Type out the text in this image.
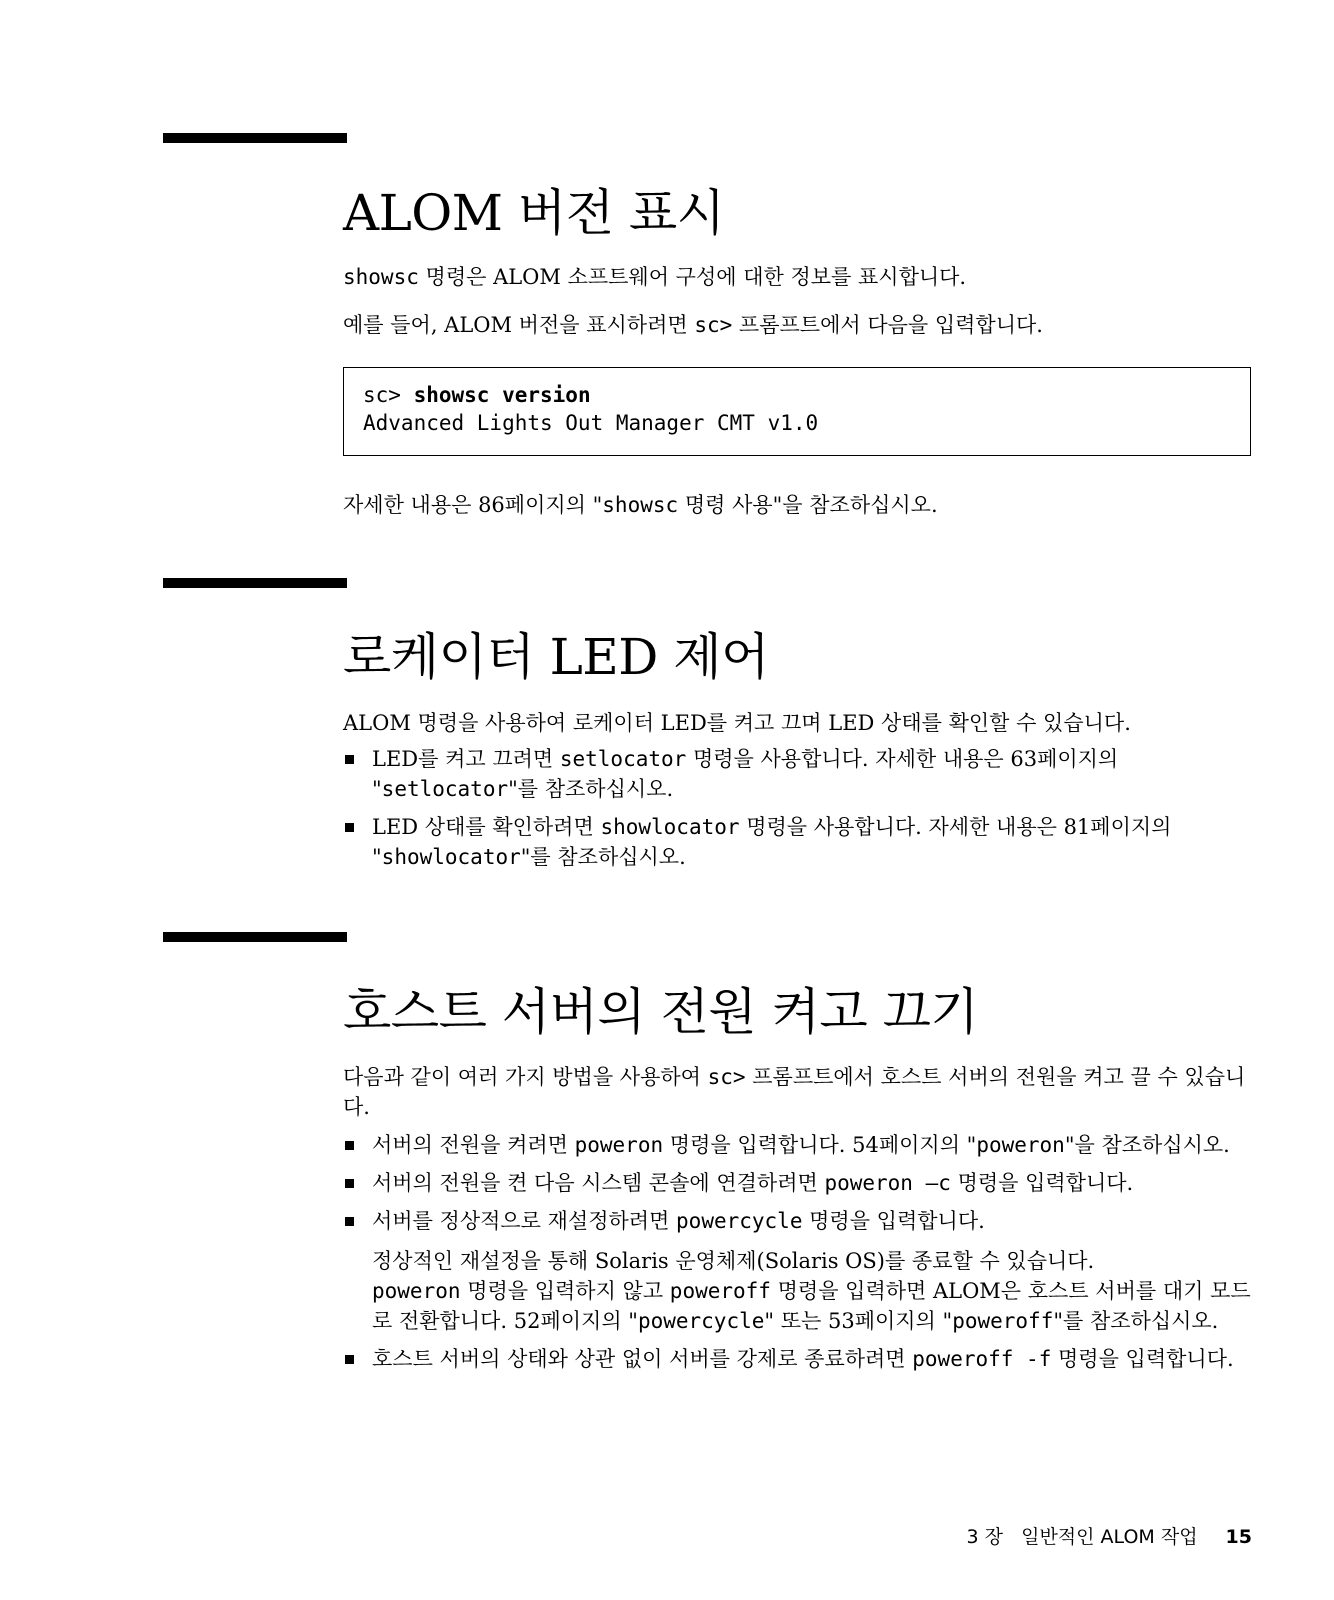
ALOM 버전 표시

showsc 명령은 ALOM 소프트웨어 구성에 대한 정보를 표시합니다.

예를 들어, ALOM 버전을 표시하려면 sc> 프롬프트에서 다음을 입력합니다.

sc> showsc version
Advanced Lights Out Manager CMT v1.0

자세한 내용은 86페이지의 "showsc 명령 사용"을 참조하십시오.

로케이터 LED 제어

ALOM 명령을 사용하여 로케이터 LED를 켜고 끄며 LED 상태를 확인할 수 있습니다.

LED를 켜고 끄려면 setlocator 명령을 사용합니다. 자세한 내용은 63페이지의
"setlocator"를 참조하십시오.
LED 상태를 확인하려면 showlocator 명령을 사용합니다. 자세한 내용은 81페이지의 "showlocator"를 참조하십시오.
호스트 서버의 전원 켜고 끄기

다음과 같이 여러 가지 방법을 사용하여 sc> 프롬프트에서 호스트 서버의 전원을 켜고 끌 수 있습니다.

서버의 전원을 켜려면 poweron 명령을 입력합니다. 54페이지의 "poweron"을 참조하십시오.
서버의 전원을 켠 다음 시스템 콘솔에 연결하려면 poweron –c 명령을 입력합니다.
서버를 정상적으로 재설정하려면 powercycle 명령을 입력합니다.
정상적인 재설정을 통해 Solaris 운영체제(Solaris OS)를 종료할 수 있습니다.
poweron 명령을 입력하지 않고 poweroff 명령을 입력하면 ALOM은 호스트 서버를 대기 모드로 전환합니다. 52페이지의 "powercycle" 또는 53페이지의 "poweroff"를 참조하십시오.
호스트 서버의 상태와 상관 없이 서버를 강제로 종료하려면 poweroff -f 명령을 입력합니다.
3 장   일반적인 ALOM 작업 15
